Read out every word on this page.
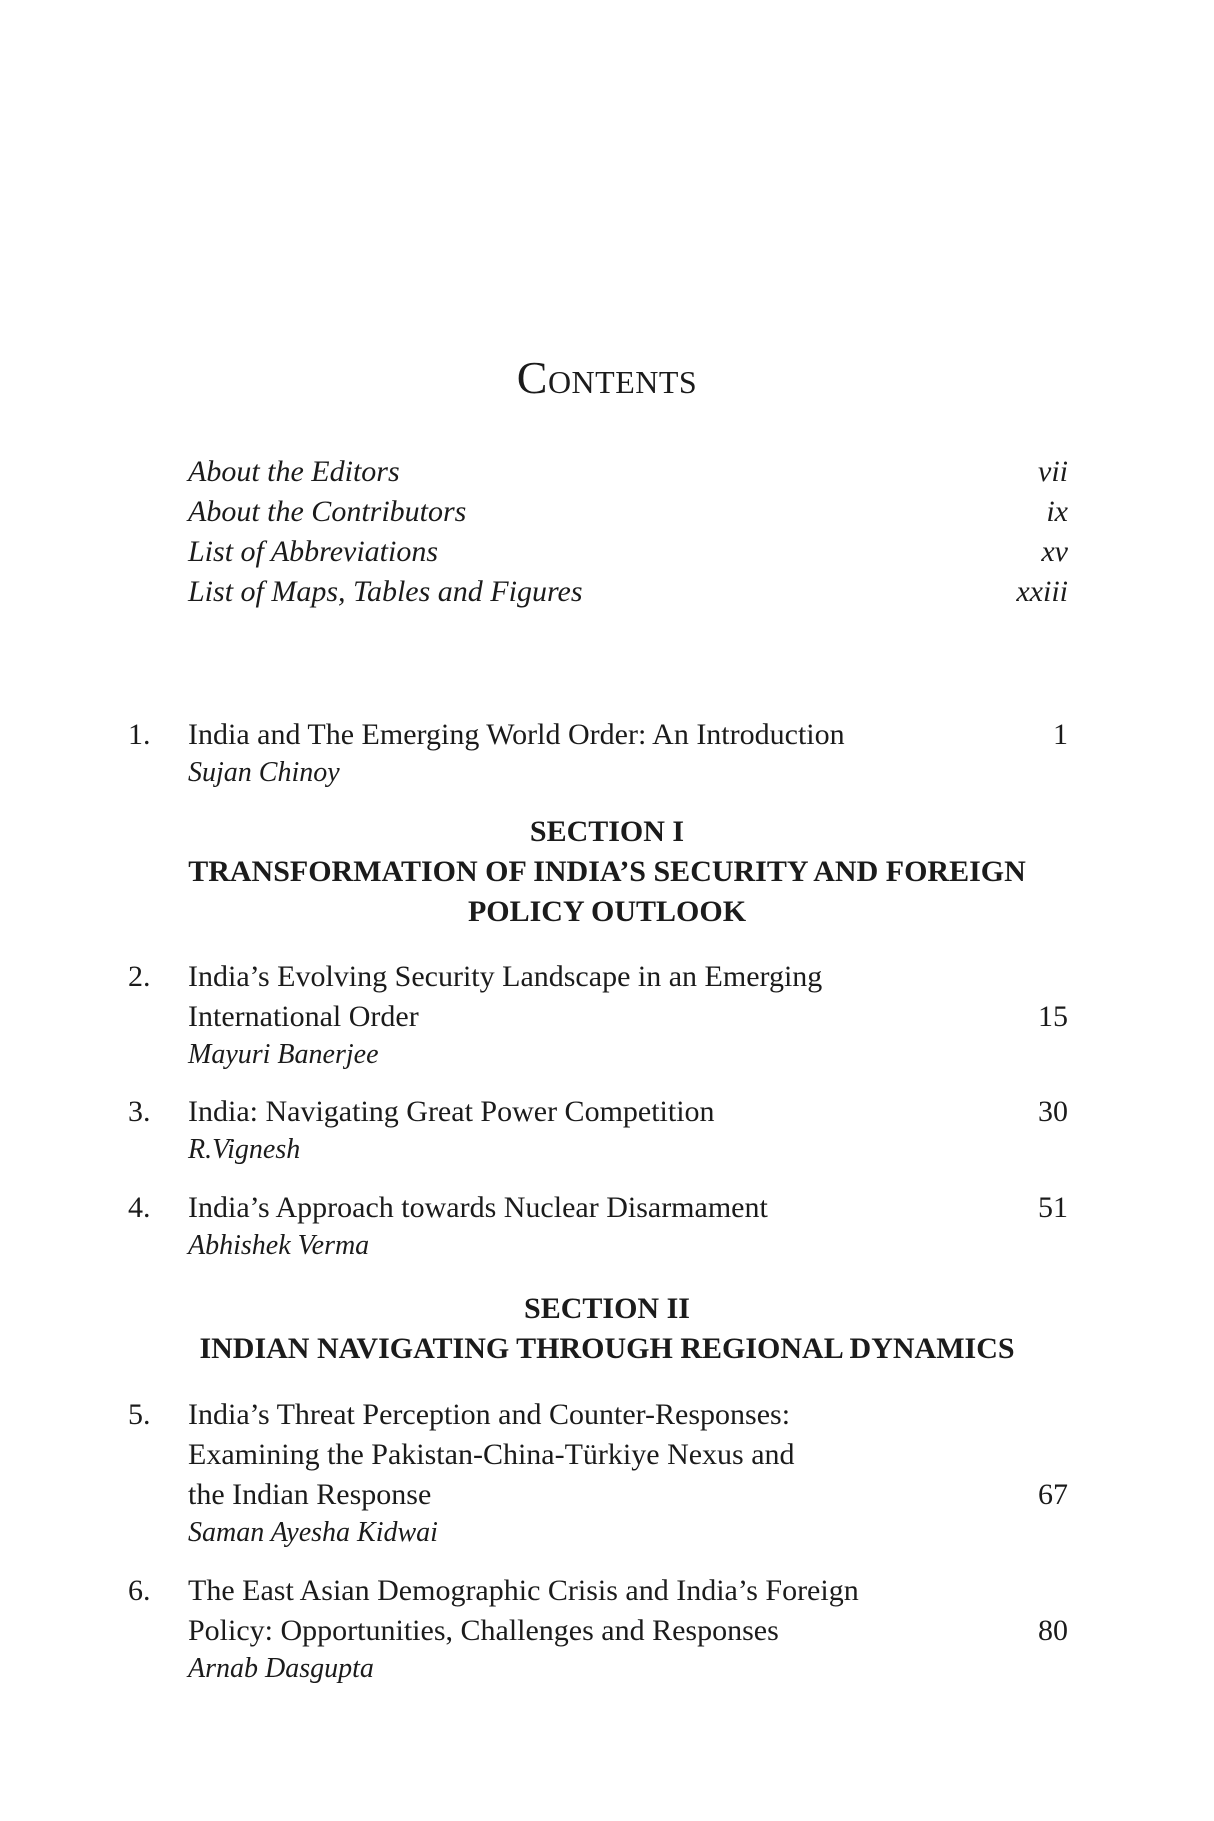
Contents
About the Editors	vii
About the Contributors	ix
List of Abbreviations	xv
List of Maps, Tables and Figures	xxiii
1.	India and The Emerging World Order: An Introduction	1
Sujan Chinoy
SECTION I
TRANSFORMATION OF INDIA’S SECURITY AND FOREIGN
POLICY OUTLOOK
2.	India’s Evolving Security Landscape in an Emerging
International Order	15
Mayuri Banerjee
3.	India: Navigating Great Power Competition	30
R.Vignesh
4.	India’s Approach towards Nuclear Disarmament	51
Abhishek Verma
SECTION II
INDIAN NAVIGATING THROUGH REGIONAL DYNAMICS
5.	India’s Threat Perception and Counter-Responses:
Examining the Pakistan-China-Türkiye Nexus and
the Indian Response	67
Saman Ayesha Kidwai
6.	The East Asian Demographic Crisis and India’s Foreign
Policy: Opportunities, Challenges and Responses	80
Arnab Dasgupta
